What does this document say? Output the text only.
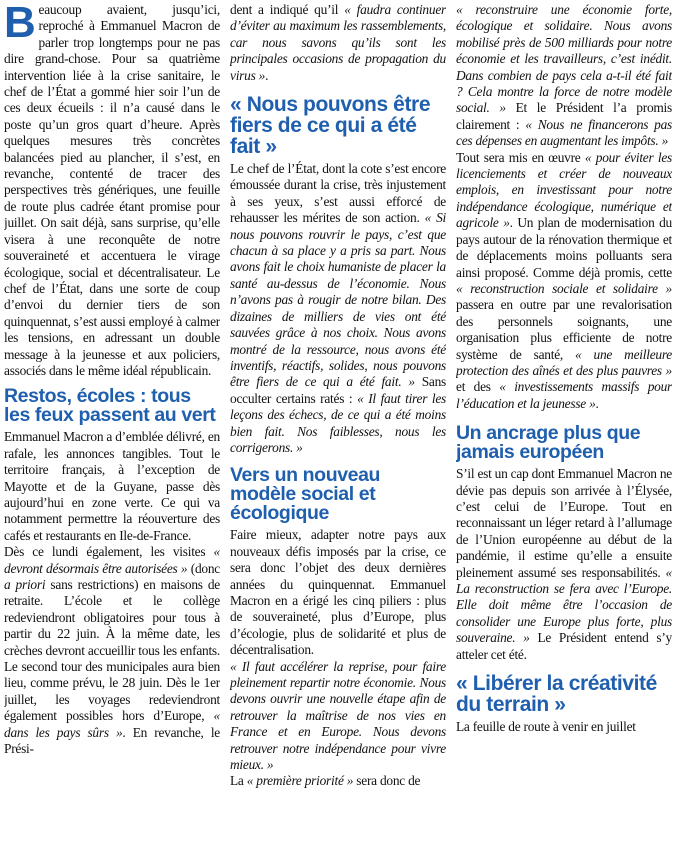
Beaucoup avaient, jusqu’ici, reproché à Emmanuel Macron de parler trop longtemps pour ne pas dire grand-chose. Pour sa quatrième intervention liée à la crise sanitaire, le chef de l’État a gommé hier soir l’un de ces deux écueils : il n’a causé dans le poste qu’un gros quart d’heure. Après quelques mesures très concrètes balancées pied au plancher, il s’est, en revanche, contenté de tracer des perspectives très génériques, une feuille de route plus cadrée étant promise pour juillet. On sait déjà, sans surprise, qu’elle visera à une reconquête de notre souveraineté et accentuera le virage écologique, social et décentralisateur. Le chef de l’État, dans une sorte de coup d’envoi du dernier tiers de son quinquennat, s’est aussi employé à calmer les tensions, en adressant un double message à la jeunesse et aux policiers, associés dans le même idéal républicain.

Restos, écoles : tous les feux passent au vert

Emmanuel Macron a d’emblée délivré, en rafale, les annonces tangibles. Tout le territoire français, à l’exception de Mayotte et de la Guyane, passe dès aujourd’hui en zone verte. Ce qui va notamment permettre la réouverture des cafés et restaurants en Ile-de-France.

Dès ce lundi également, les visites « devront désormais être autorisées » (donc a priori sans restrictions) en maisons de retraite. L’école et le collège redeviendront obligatoires pour tous à partir du 22 juin. À la même date, les crèches devront accueillir tous les enfants. Le second tour des municipales aura bien lieu, comme prévu, le 28 juin. Dès le 1er juillet, les voyages redeviendront également possibles hors d’Europe, « dans les pays sûrs ». En revanche, le Prési-

dent a indiqué qu’il « faudra continuer d’éviter au maximum les rassemblements, car nous savons qu’ils sont les principales occasions de propagation du virus ».

« Nous pouvons être fiers de ce qui a été fait »

Le chef de l’État, dont la cote s’est encore émoussée durant la crise, très injustement à ses yeux, s’est aussi efforcé de rehausser les mérites de son action. « Si nous pouvons rouvrir le pays, c’est que chacun à sa place y a pris sa part. Nous avons fait le choix humaniste de placer la santé au-dessus de l’économie. Nous n’avons pas à rougir de notre bilan. Des dizaines de milliers de vies ont été sauvées grâce à nos choix. Nous avons montré de la ressource, nous avons été inventifs, réactifs, solides, nous pouvons être fiers de ce qui a été fait. » Sans occulter certains ratés : « Il faut tirer les leçons des échecs, de ce qui a été moins bien fait. Nos faiblesses, nous les corrigerons. »

Vers un nouveau modèle social et écologique

Faire mieux, adapter notre pays aux nouveaux défis imposés par la crise, ce sera donc l’objet des deux dernières années du quinquennat. Emmanuel Macron en a érigé les cinq piliers : plus de souveraineté, plus d’Europe, plus d’écologie, plus de solidarité et plus de décentralisation.

« Il faut accélérer la reprise, pour faire pleinement repartir notre économie. Nous devons ouvrir une nouvelle étape afin de retrouver la maîtrise de nos vies en France et en Europe. Nous devons retrouver notre indépendance pour vivre mieux. »

La « première priorité » sera donc de

« reconstruire une économie forte, écologique et solidaire. Nous avons mobilisé près de 500 milliards pour notre économie et les travailleurs, c’est inédit. Dans combien de pays cela a-t-il été fait ? Cela montre la force de notre modèle social. » Et le Président l’a promis clairement : « Nous ne financerons pas ces dépenses en augmentant les impôts. »

Tout sera mis en œuvre « pour éviter les licenciements et créer de nouveaux emplois, en investissant pour notre indépendance écologique, numérique et agricole ». Un plan de modernisation du pays autour de la rénovation thermique et de déplacements moins polluants sera ainsi proposé. Comme déjà promis, cette « reconstruction sociale et solidaire » passera en outre par une revalorisation des personnels soignants, une organisation plus efficiente de notre système de santé, « une meilleure protection des aînés et des plus pauvres » et des « investissements massifs pour l’éducation et la jeunesse ».

Un ancrage plus que jamais européen

S’il est un cap dont Emmanuel Macron ne dévie pas depuis son arrivée à l’Élysée, c’est celui de l’Europe. Tout en reconnaissant un léger retard à l’allumage de l’Union européenne au début de la pandémie, il estime qu’elle a ensuite pleinement assumé ses responsabilités. « La reconstruction se fera avec l’Europe. Elle doit même être l’occasion de consolider une Europe plus forte, plus souveraine. » Le Président entend s’y atteler cet été.

« Libérer la créativité du terrain »

La feuille de route à venir en juillet
